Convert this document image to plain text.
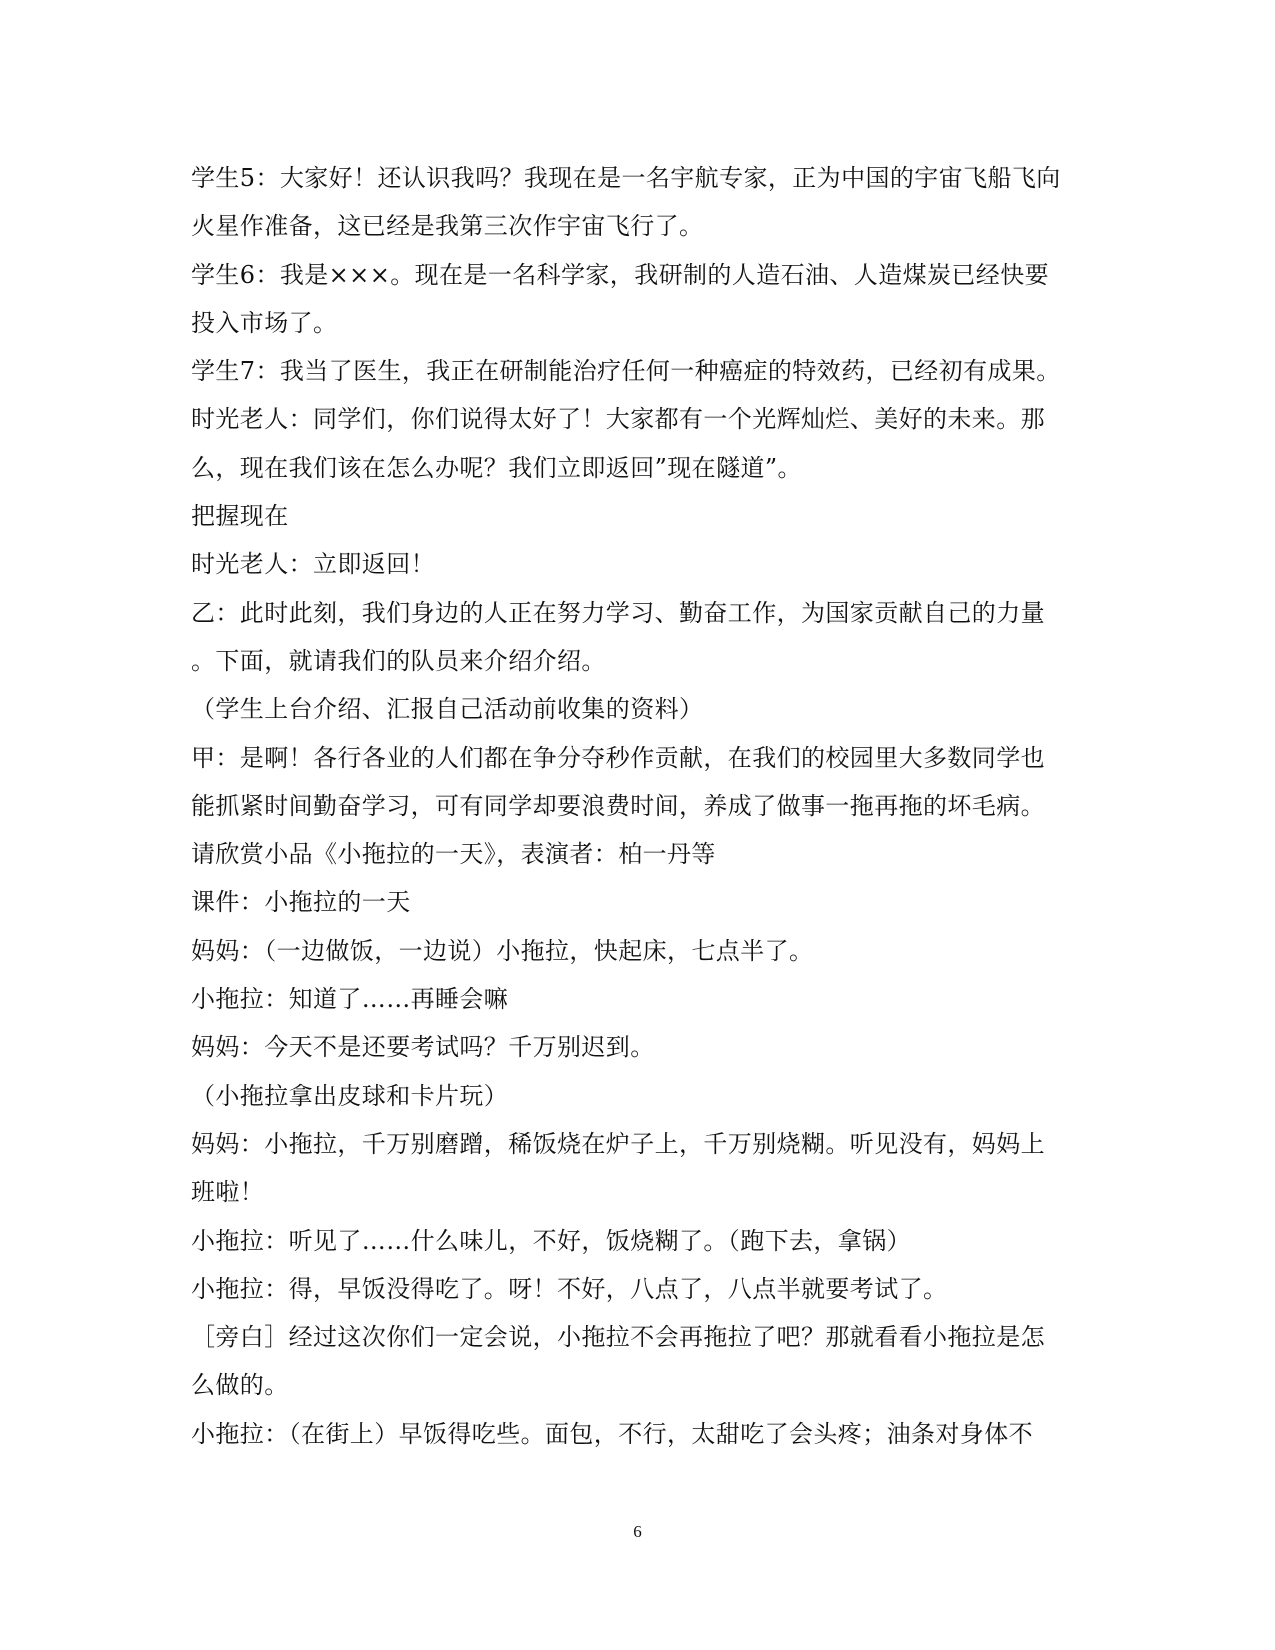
学生5：大家好！还认识我吗？我现在是一名宇航专家，正为中国的宇宙飞船飞向
火星作准备，这已经是我第三次作宇宙飞行了。
学生6：我是×××。现在是一名科学家，我研制的人造石油、人造煤炭已经快要
投入市场了。
学生7：我当了医生，我正在研制能治疗任何一种癌症的特效药，已经初有成果。
时光老人：同学们，你们说得太好了！大家都有一个光辉灿烂、美好的未来。那
么，现在我们该在怎么办呢？我们立即返回”现在隧道”。
把握现在
时光老人：立即返回！
乙：此时此刻，我们身边的人正在努力学习、勤奋工作，为国家贡献自己的力量
。下面，就请我们的队员来介绍介绍。
（学生上台介绍、汇报自己活动前收集的资料）
甲：是啊！各行各业的人们都在争分夺秒作贡献，在我们的校园里大多数同学也
能抓紧时间勤奋学习，可有同学却要浪费时间，养成了做事一拖再拖的坏毛病。
请欣赏小品《小拖拉的一天》，表演者：柏一丹等
课件：小拖拉的一天
妈妈：（一边做饭，一边说）小拖拉，快起床，七点半了。
小拖拉：知道了……再睡会嘛
妈妈：今天不是还要考试吗？千万别迟到。
（小拖拉拿出皮球和卡片玩）
妈妈：小拖拉，千万别磨蹭，稀饭烧在炉子上，千万别烧糊。听见没有，妈妈上
班啦！
小拖拉：听见了……什么味儿，不好，饭烧糊了。（跑下去，拿锅）
小拖拉：得，早饭没得吃了。呀！不好，八点了，八点半就要考试了。
［旁白］经过这次你们一定会说，小拖拉不会再拖拉了吧？那就看看小拖拉是怎
么做的。
小拖拉：（在街上）早饭得吃些。面包，不行，太甜吃了会头疼；油条对身体不
6
